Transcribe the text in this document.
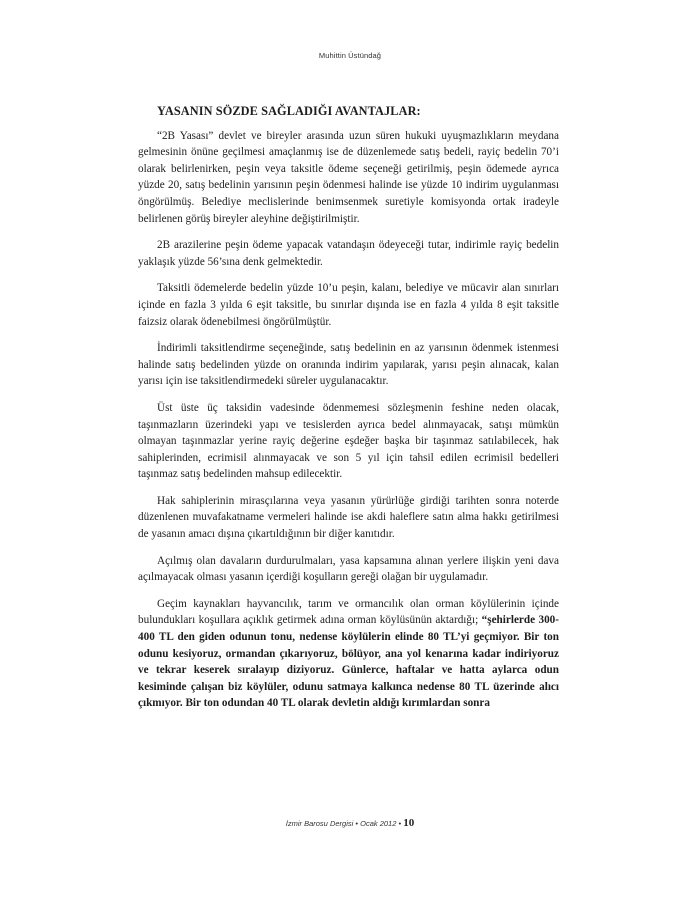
Muhittin Üstündağ
YASANIN SÖZDE SAĞLADIĞI AVANTAJLAR:

“2B Yasası” devlet ve bireyler arasında uzun süren hukuki uyuşmazlıkların meydana gelmesinin önüne geçilmesi amaçlanmış ise de düzenlemede satış bedeli, rayiç bedelin 70’i olarak belirlenirken, peşin veya taksitle ödeme seçeneği getirilmiş, peşin ödemede ayrıca yüzde 20, satış bedelinin yarısının peşin ödenmesi halinde ise yüzde 10 indirim uygulanması öngörülmüş. Belediye meclislerinde benimsenmek suretiyle komisyonda ortak iradeyle belirlenen görüş bireyler aleyhine değiştirilmiştir.

2B arazilerine peşin ödeme yapacak vatandaşın ödeyeceği tutar, indirimle rayiç bedelin yaklaşık yüzde 56’sına denk gelmektedir.

Taksitli ödemelerde bedelin yüzde 10’u peşin, kalanı, belediye ve mücavir alan sınırları içinde en fazla 3 yılda 6 eşit taksitle, bu sınırlar dışında ise en fazla 4 yılda 8 eşit taksitle faizsiz olarak ödenebilmesi öngörülmüştür.

İndirimli taksitlendirme seçeneğinde, satış bedelinin en az yarısının ödenmek istenmesi halinde satış bedelinden yüzde on oranında indirim yapılarak, yarısı peşin alınacak, kalan yarısı için ise taksitlendirmedeki süreler uygulanacaktır.

Üst üste üç taksidin vadesinde ödenmemesi sözleşmenin feshine neden olacak, taşınmazların üzerindeki yapı ve tesislerden ayrıca bedel alınmayacak, satışı mümkün olmayan taşınmazlar yerine rayiç değerine eşdeğer başka bir taşınmaz satılabilecek, hak sahiplerinden, ecrimisil alınmayacak ve son 5 yıl için tahsil edilen ecrimisil bedelleri taşınmaz satış bedelinden mahsup edilecektir.

Hak sahiplerinin mirasçılarına veya yasanın yürürlüğe girdiği tarihten sonra noterde düzenlenen muvafakatname vermeleri halinde ise akdi haleflere satın alma hakkı getirilmesi de yasanın amacı dışına çıkartıldığının bir diğer kanıtıdır.

Açılmış olan davaların durdurulmaları, yasa kapsamına alınan yerlere ilişkin yeni dava açılmayacak olması yasanın içerdiği koşulların gereği olağan bir uygulamadır.

Geçim kaynakları hayvancılık, tarım ve ormancılık olan orman köylülerinin içinde bulundukları koşullara açıklık getirmek adına orman köylüsünün aktardığı; “şehirlerde 300-400 TL den giden odunun tonu, nedense köylülerin elinde 80 TL’yi geçmiyor. Bir ton odunu kesiyoruz, ormandan çıkarıyoruz, bölüyor, ana yol kenarına kadar indiriyoruz ve tekrar keserek sıralayıp diziyoruz. Günlerce, haftalar ve hatta aylarca odun kesiminde çalışan biz köylüler, odunu satmaya kalkınca nedense 80 TL üzerinde alıcı çıkmıyor. Bir ton odundan 40 TL olarak devletin aldığı kırımlardan sonra

İzmir Barosu Dergisi • Ocak 2012 • 10
